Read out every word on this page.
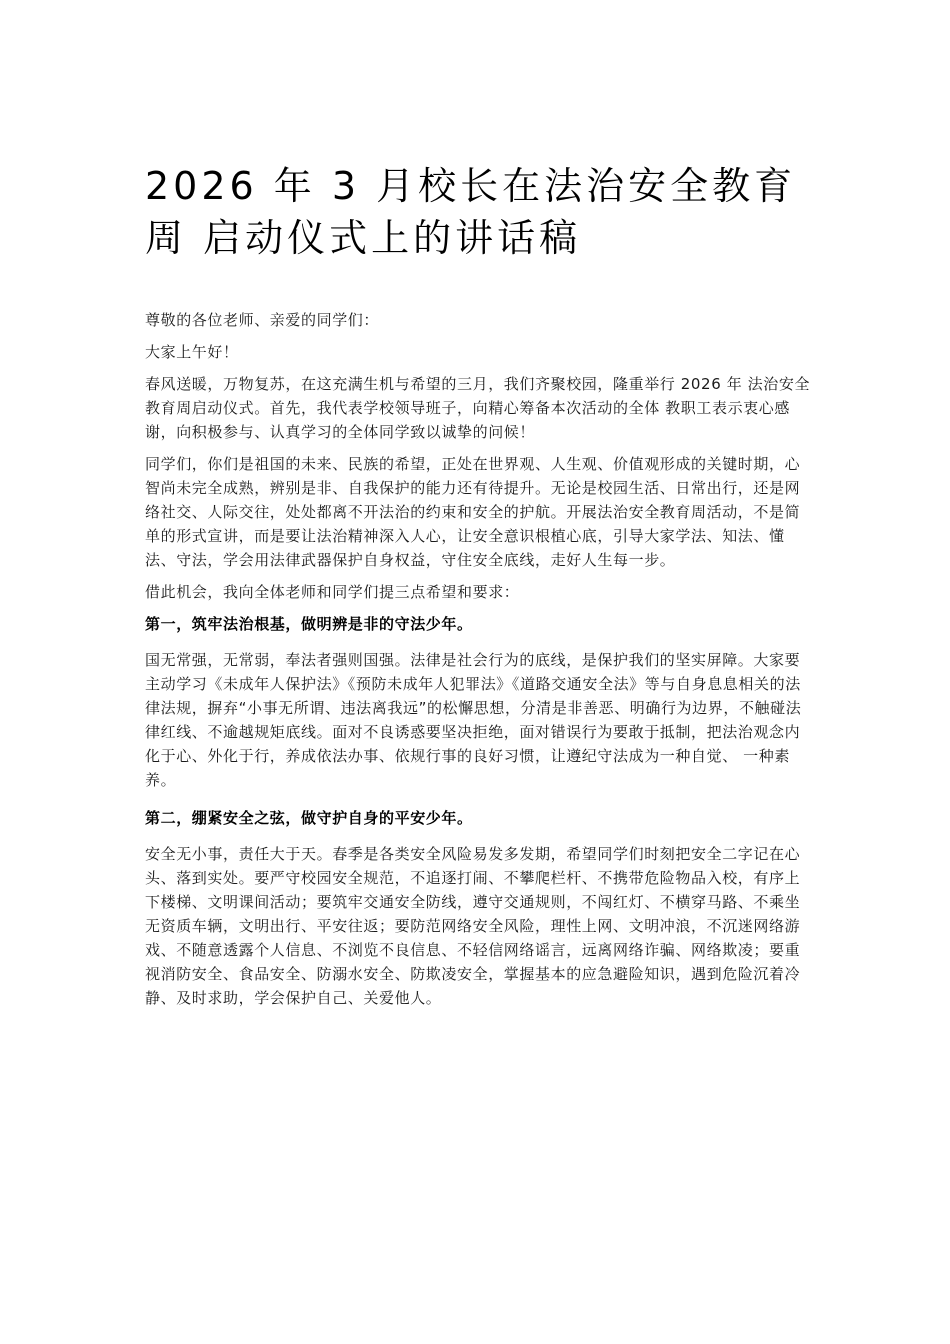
2026 年 3 月校长在法治安全教育
周 启动仪式上的讲话稿

尊敬的各位老师、亲爱的同学们：

大家上午好！

春风送暖，万物复苏，在这充满生机与希望的三月，我们齐聚校园，隆重举行 2026 年 法治安全教育周启动仪式。首先，我代表学校领导班子，向精心筹备本次活动的全体 教职工表示衷心感谢，向积极参与、认真学习的全体同学致以诚挚的问候！

同学们，你们是祖国的未来、民族的希望，正处在世界观、人生观、价值观形成的关键时期，心智尚未完全成熟，辨别是非、自我保护的能力还有待提升。无论是校园生活、日常出行，还是网络社交、人际交往，处处都离不开法治的约束和安全的护航。开展法治安全教育周活动，不是简单的形式宣讲，而是要让法治精神深入人心，让安全意识根植心底，引导大家学法、知法、懂法、守法，学会用法律武器保护自身权益，守住安全底线，走好人生每一步。

借此机会，我向全体老师和同学们提三点希望和要求：

第一，筑牢法治根基，做明辨是非的守法少年。

国无常强，无常弱，奉法者强则国强。法律是社会行为的底线，是保护我们的坚实屏障。大家要主动学习《未成年人保护法》《预防未成年人犯罪法》《道路交通安全法》等与自身息息相关的法律法规，摒弃“小事无所谓、违法离我远”的松懈思想，分清是非善恶、明确行为边界，不触碰法律红线、不逾越规矩底线。面对不良诱惑要坚决拒绝，面对错误行为要敢于抵制，把法治观念内化于心、外化于行，养成依法办事、依规行事的良好习惯，让遵纪守法成为一种自觉、 一种素养。

第二，绷紧安全之弦，做守护自身的平安少年。

安全无小事，责任大于天。春季是各类安全风险易发多发期，希望同学们时刻把安全二字记在心头、落到实处。要严守校园安全规范，不追逐打闹、不攀爬栏杆、不携带危险物品入校，有序上下楼梯、文明课间活动；要筑牢交通安全防线，遵守交通规则，不闯红灯、不横穿马路、不乘坐无资质车辆，文明出行、平安往返；要防范网络安全风险，理性上网、文明冲浪，不沉迷网络游戏、不随意透露个人信息、不浏览不良信息、不轻信网络谣言，远离网络诈骗、网络欺凌；要重视消防安全、食品安全、防溺水安全、防欺凌安全，掌握基本的应急避险知识，遇到危险沉着冷静、及时求助，学会保护自己、关爱他人。
